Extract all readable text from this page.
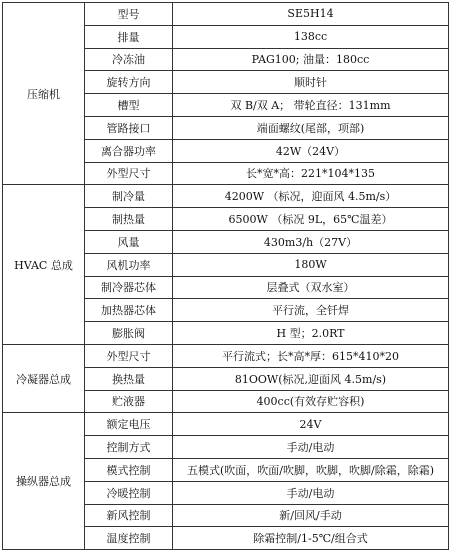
压缩机	型号	SE5H14
	排量	138cc
	冷冻油	PAG100; 油量：180cc
	旋转方向	顺时针
	槽型	双 B/双 A； 带轮直径：131mm
	管路接口	端面螺纹(尾部，项部)
	离合器功率	42W（24V）
	外型尺寸	长*宽*高：221*104*135
HVAC 总成	制冷量	4200W （标况，迎面风 4.5m/s）
	制热量	6500W （标况 9L，65℃温差）
	风量	430m3/h（27V）
	风机功率	180W
	制冷器芯体	层叠式（双水室）
	加热器芯体	平行流，全钎焊
	膨胀阀	H 型；2.0RT
冷凝器总成	外型尺寸	平行流式；长*高*厚：615*410*20
	换热量	81OOW(标况,迎面风 4.5m/s)
	贮液器	400cc(有效存贮容积)
操纵器总成	额定电压	24V
	控制方式	手动/电动
	模式控制	五模式(吹面，吹面/吹脚，吹脚，吹脚/除霜，除霜)
	冷暖控制	手动/电动
	新风控制	新/回风/手动
	温度控制	除霜控制/1-5℃/组合式
